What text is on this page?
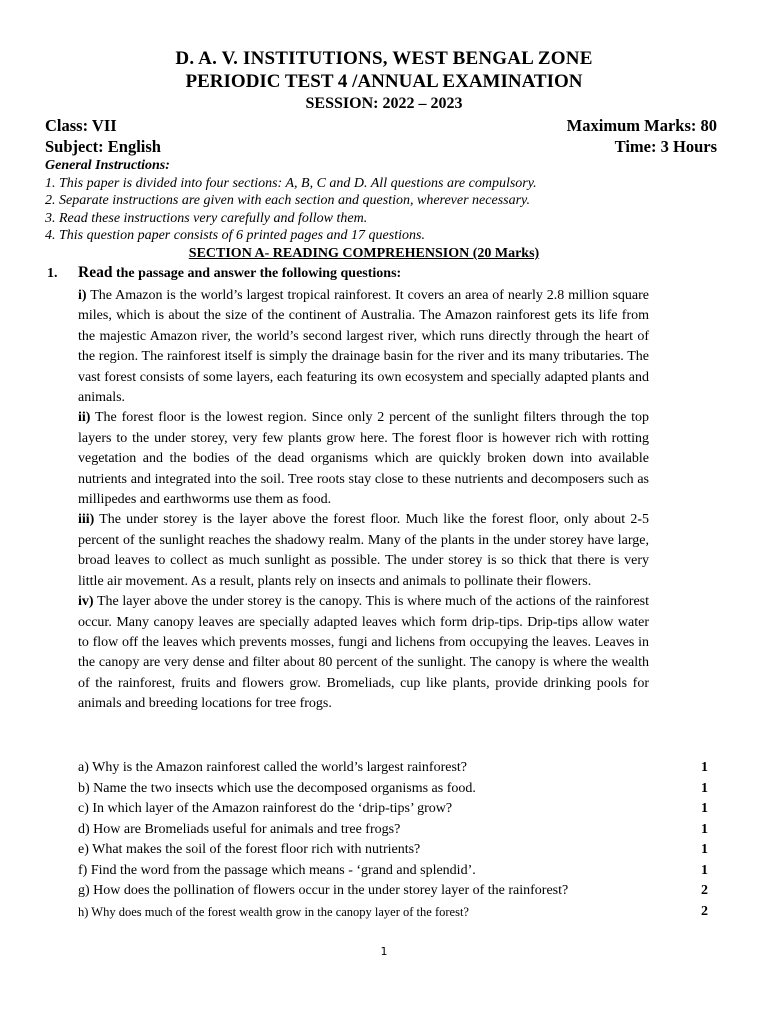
D. A. V. INSTITUTIONS, WEST BENGAL ZONE
PERIODIC TEST 4 /ANNUAL EXAMINATION
SESSION: 2022 – 2023
Class: VII	Maximum Marks: 80
Subject: English	Time: 3 Hours
General Instructions:
1. This paper is divided into four sections: A, B, C and D. All questions are compulsory.
2. Separate instructions are given with each section and question, wherever necessary.
3. Read these instructions very carefully and follow them.
4. This question paper consists of 6 printed pages and 17 questions.
SECTION A- READING COMPREHENSION (20 Marks)
1. Read the passage and answer the following questions:

i) The Amazon is the world’s largest tropical rainforest. It covers an area of nearly 2.8 million square miles, which is about the size of the continent of Australia. The Amazon rainforest gets its life from the majestic Amazon river, the world’s second largest river, which runs directly through the heart of the region. The rainforest itself is simply the drainage basin for the river and its many tributaries. The vast forest consists of some layers, each featuring its own ecosystem and specially adapted plants and animals.

ii) The forest floor is the lowest region. Since only 2 percent of the sunlight filters through the top layers to the under storey, very few plants grow here. The forest floor is however rich with rotting vegetation and the bodies of the dead organisms which are quickly broken down into available nutrients and integrated into the soil. Tree roots stay close to these nutrients and decomposers such as millipedes and earthworms use them as food.

iii) The under storey is the layer above the forest floor. Much like the forest floor, only about 2-5 percent of the sunlight reaches the shadowy realm. Many of the plants in the under storey have large, broad leaves to collect as much sunlight as possible. The under storey is so thick that there is very little air movement. As a result, plants rely on insects and animals to pollinate their flowers.

iv) The layer above the under storey is the canopy. This is where much of the actions of the rainforest occur. Many canopy leaves are specially adapted leaves which form drip-tips. Drip-tips allow water to flow off the leaves which prevents mosses, fungi and lichens from occupying the leaves. Leaves in the canopy are very dense and filter about 80 percent of the sunlight. The canopy is where the wealth of the rainforest, fruits and flowers grow. Bromeliads, cup like plants, provide drinking pools for animals and breeding locations for tree frogs.

a) Why is the Amazon rainforest called the world’s largest rainforest?	1
b) Name the two insects which use the decomposed organisms as food.	1
c) In which layer of the Amazon rainforest do the ‘drip-tips’ grow?	1
d) How are Bromeliads useful for animals and tree frogs?	1
e) What makes the soil of the forest floor rich with nutrients?	1
f) Find the word from the passage which means - ‘grand and splendid’.	1
g) How does the pollination of flowers occur in the under storey layer of the rainforest?	2
h) Why does much of the forest wealth grow in the canopy layer of the forest?	2
1
